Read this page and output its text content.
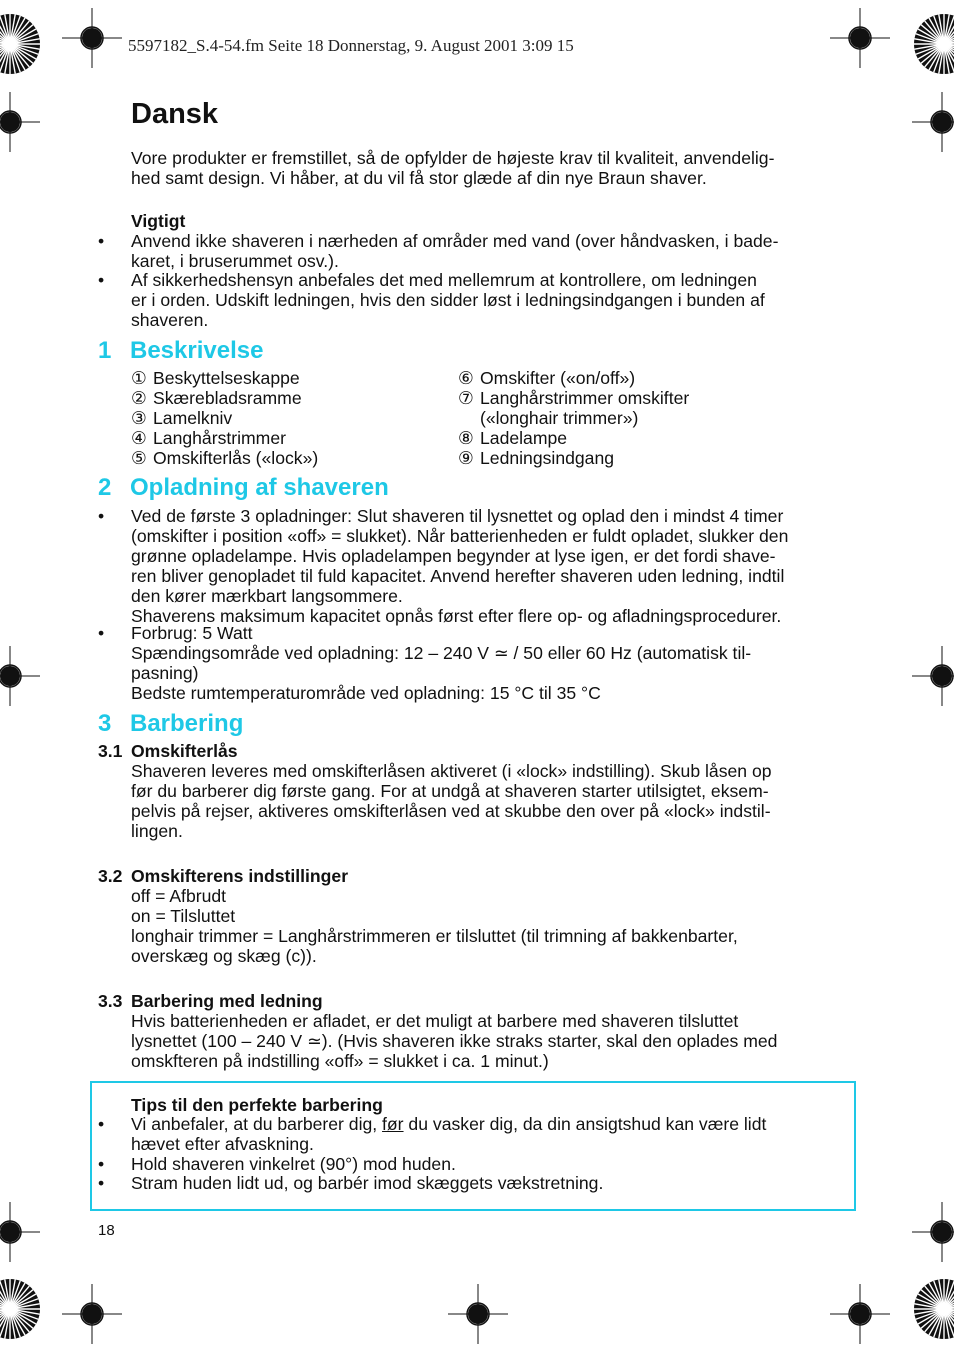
5597182_S.4-54.fm Seite 18 Donnerstag, 9. August 2001 3:09 15
Dansk

Vore produkter er fremstillet, så de opfylder de højeste krav til kvaliteit, anvendelig-

hed samt design. Vi håber, at du vil få stor glæde af din nye Braun shaver.

Vigtigt
• Anvend ikke shaveren i nærheden af områder med vand (over håndvasken, i bade-

karet, i bruserummet osv.).

• Af sikkerhedshensyn anbefales det med mellemrum at kontrollere, om ledningen

er i orden. Udskift ledningen, hvis den sidder løst i ledningsindgangen i bunden af

shaveren.

1 Beskrivelse

① Beskyttelseskappe

② Skærebladsramme

③ Lamelkniv

④ Langhårstrimmer

⑤ Omskifterlås («lock»)

⑥ Omskifter («on/off»)

⑦ Langhårstrimmer omskifter

(«longhair trimmer»)

⑧ Ladelampe

⑨ Ledningsindgang

2 Opladning af shaveren
• Ved de første 3 opladninger: Slut shaveren til lysnettet og oplad den i mindst 4 timer

(omskifter i position «off» = slukket). Når batterienheden er fuldt opladet, slukker den

grønne opladelampe. Hvis opladelampen begynder at lyse igen, er det fordi shave-

ren bliver genopladet til fuld kapacitet. Anvend herefter shaveren uden ledning, indtil

den kører mærkbart langsommere.

Shaverens maksimum kapacitet opnås først efter flere op- og afladningsprocedurer.

• Forbrug: 5 Watt

Spændingsområde ved opladning: 12 – 240 V ≃ / 50 eller 60 Hz (automatisk til-

pasning)

Bedste rumtemperaturområde ved opladning: 15 °C til 35 °C

3 Barbering
3.1 Omskifterlås

Shaveren leveres med omskifterlåsen aktiveret (i «lock» indstilling). Skub låsen op

før du barberer dig første gang. For at undgå at shaveren starter utilsigtet, eksem-

pelvis på rejser, aktiveres omskifterlåsen ved at skubbe den over på «lock» indstil-

lingen.

3.2 Omskifterens indstillinger

off = Afbrudt

on = Tilsluttet

longhair trimmer = Langhårstrimmeren er tilsluttet (til trimning af bakkenbarter,

overskæg og skæg (c)).

3.3 Barbering med ledning

Hvis batterienheden er afladet, er det muligt at barbere med shaveren tilsluttet

lysnettet (100 – 240 V ≃). (Hvis shaveren ikke straks starter, skal den oplades med

omskfteren på indstilling «off» = slukket i ca. 1 minut.)

Tips til den perfekte barbering
• Vi anbefaler, at du barberer dig, før du vasker dig, da din ansigtshud kan være lidt

hævet efter afvaskning.

• Hold shaveren vinkelret (90°) mod huden.
• Stram huden lidt ud, og barbér imod skæggets vækstretning.
18
